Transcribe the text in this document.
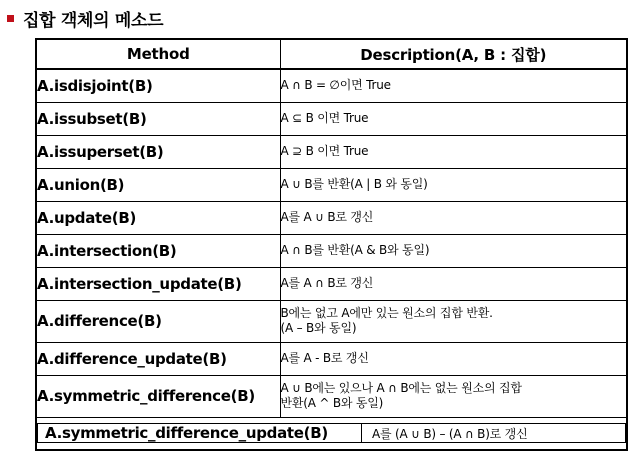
집합 객체의 메소드
Method	Description(A, B : 집합)
A.isdisjoint(B)	A ∩ B = ∅이면 True
A.issubset(B)	A ⊆ B 이면 True
A.issuperset(B)	A ⊇ B 이면 True
A.union(B)	A ∪ B를 반환(A | B 와 동일)
A.update(B)	A를 A ∪ B로 갱신
A.intersection(B)	A ∩ B를 반환(A & B와 동일)
A.intersection_update(B)	A를 A ∩ B로 갱신
A.difference(B)	B에는 없고 A에만 있는 원소의 집합 반환.
(A – B와 동일)

A.difference_update(B)	A를 A - B로 갱신
A.symmetric_difference(B)	A ∪ B에는 있으나 A ∩ B에는 없는 원소의 집합
반환(A ^ B와 동일)

A.symmetric_difference_update(B)	A를 (A ∪ B) – (A ∩ B)로 갱신
